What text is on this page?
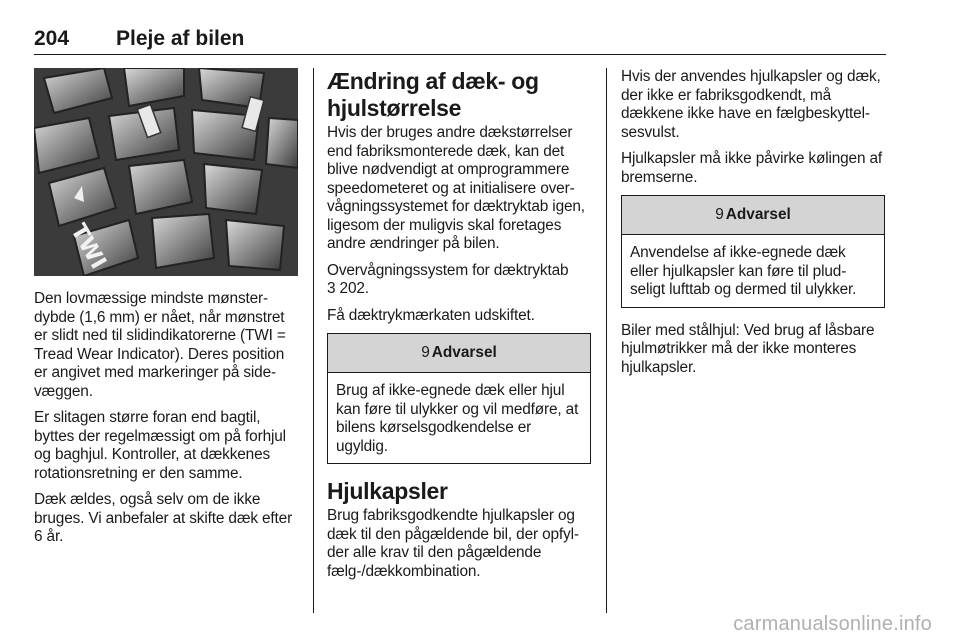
204 Pleje af bilen
TWI

Den lovmæssige mindste mønsterdybde (1,6 mm) er nået, når mønstret er slidt ned til slidindikatorerne (TWI = Tread Wear Indicator). Deres position er angivet med markeringer på sidevæggen.

Er slitagen større foran end bagtil, byttes der regelmæssigt om på forhjul og baghjul. Kontroller, at dækkenes rotationsretning er den samme.

Dæk ældes, også selv om de ikke bruges. Vi anbefaler at skifte dæk efter 6 år.

Ændring af dæk- og hjulstørrelse

Hvis der bruges andre dækstørrelser end fabriksmonterede dæk, kan det blive nødvendigt at omprogrammere speedometeret og at initialisere overvågningssystemet for dæktryktab igen, ligesom der muligvis skal foretages andre ændringer på bilen.

Overvågningssystem for dæktryktab
3 202.

Få dæktrykmærkaten udskiftet.

9 Advarsel

Brug af ikke-egnede dæk eller hjul kan føre til ulykker og vil medføre, at bilens kørselsgodkendelse er ugyldig.

Hjulkapsler

Brug fabriksgodkendte hjulkapsler og dæk til den pågældende bil, der opfylder alle krav til den pågældende fælg-/dækkombination.

Hvis der anvendes hjulkapsler og dæk, der ikke er fabriksgodkendt, må dækkene ikke have en fælgbeskyttelsesvulst.

Hjulkapsler må ikke påvirke kølingen af bremserne.

9 Advarsel

Anvendelse af ikke-egnede dæk eller hjulkapsler kan føre til pludseligt lufttab og dermed til ulykker.

Biler med stålhjul: Ved brug af låsbare hjulmøtrikker må der ikke monteres hjulkapsler.

carmanualsonline.info
